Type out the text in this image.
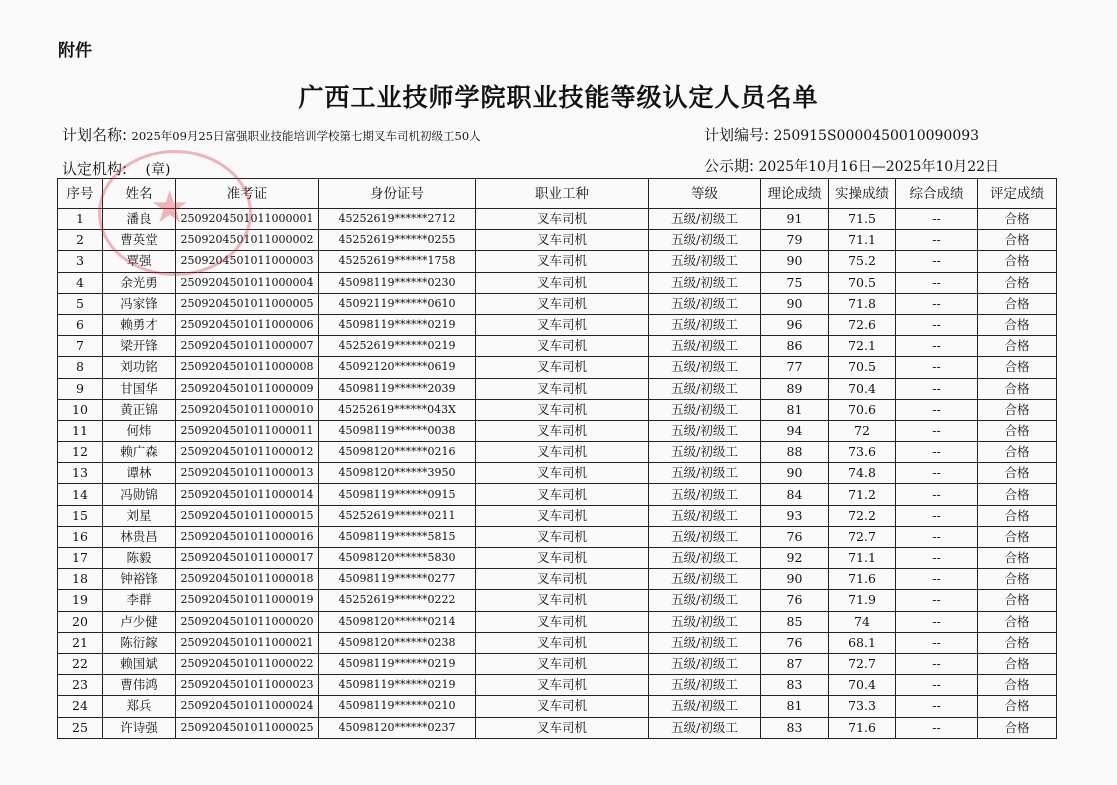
附件
广西工业技师学院职业技能等级认定人员名单
计划名称: 2025年09月25日富强职业技能培训学校第七期叉车司机初级工50人	计划编号: 250915S0000450010090093
认定机构: (章)	公示期: 2025年10月16日—2025年10月22日
序号	姓名	准考证	身份证号	职业工种	等级	理论成绩	实操成绩	综合成绩	评定成绩
1	潘良	2509204501011000001	45252619******2712	叉车司机	五级/初级工	91	71.5	--	合格
2	曹英堂	2509204501011000002	45252619******0255	叉车司机	五级/初级工	79	71.1	--	合格
3	覃强	2509204501011000003	45252619******1758	叉车司机	五级/初级工	90	75.2	--	合格
4	余光勇	2509204501011000004	45098119******0230	叉车司机	五级/初级工	75	70.5	--	合格
5	冯家锋	2509204501011000005	45092119******0610	叉车司机	五级/初级工	90	71.8	--	合格
6	赖勇才	2509204501011000006	45098119******0219	叉车司机	五级/初级工	96	72.6	--	合格
7	梁开锋	2509204501011000007	45252619******0219	叉车司机	五级/初级工	86	72.1	--	合格
8	刘功铭	2509204501011000008	45092120******0619	叉车司机	五级/初级工	77	70.5	--	合格
9	甘国华	2509204501011000009	45098119******2039	叉车司机	五级/初级工	89	70.4	--	合格
10	黄正锦	2509204501011000010	45252619******043X	叉车司机	五级/初级工	81	70.6	--	合格
11	何炜	2509204501011000011	45098119******0038	叉车司机	五级/初级工	94	72	--	合格
12	赖广森	2509204501011000012	45098120******0216	叉车司机	五级/初级工	88	73.6	--	合格
13	谭林	2509204501011000013	45098120******3950	叉车司机	五级/初级工	90	74.8	--	合格
14	冯勋锦	2509204501011000014	45098119******0915	叉车司机	五级/初级工	84	71.2	--	合格
15	刘星	2509204501011000015	45252619******0211	叉车司机	五级/初级工	93	72.2	--	合格
16	林贵昌	2509204501011000016	45098119******5815	叉车司机	五级/初级工	76	72.7	--	合格
17	陈毅	2509204501011000017	45098120******5830	叉车司机	五级/初级工	92	71.1	--	合格
18	钟裕锋	2509204501011000018	45098119******0277	叉车司机	五级/初级工	90	71.6	--	合格
19	李群	2509204501011000019	45252619******0222	叉车司机	五级/初级工	76	71.9	--	合格
20	卢少健	2509204501011000020	45098120******0214	叉车司机	五级/初级工	85	74	--	合格
21	陈衍鎵	2509204501011000021	45098120******0238	叉车司机	五级/初级工	76	68.1	--	合格
22	赖国斌	2509204501011000022	45098119******0219	叉车司机	五级/初级工	87	72.7	--	合格
23	曹伟鸿	2509204501011000023	45098119******0219	叉车司机	五级/初级工	83	70.4	--	合格
24	郑兵	2509204501011000024	45098119******0210	叉车司机	五级/初级工	81	73.3	--	合格
25	许诗强	2509204501011000025	45098120******0237	叉车司机	五级/初级工	83	71.6	--	合格
★
